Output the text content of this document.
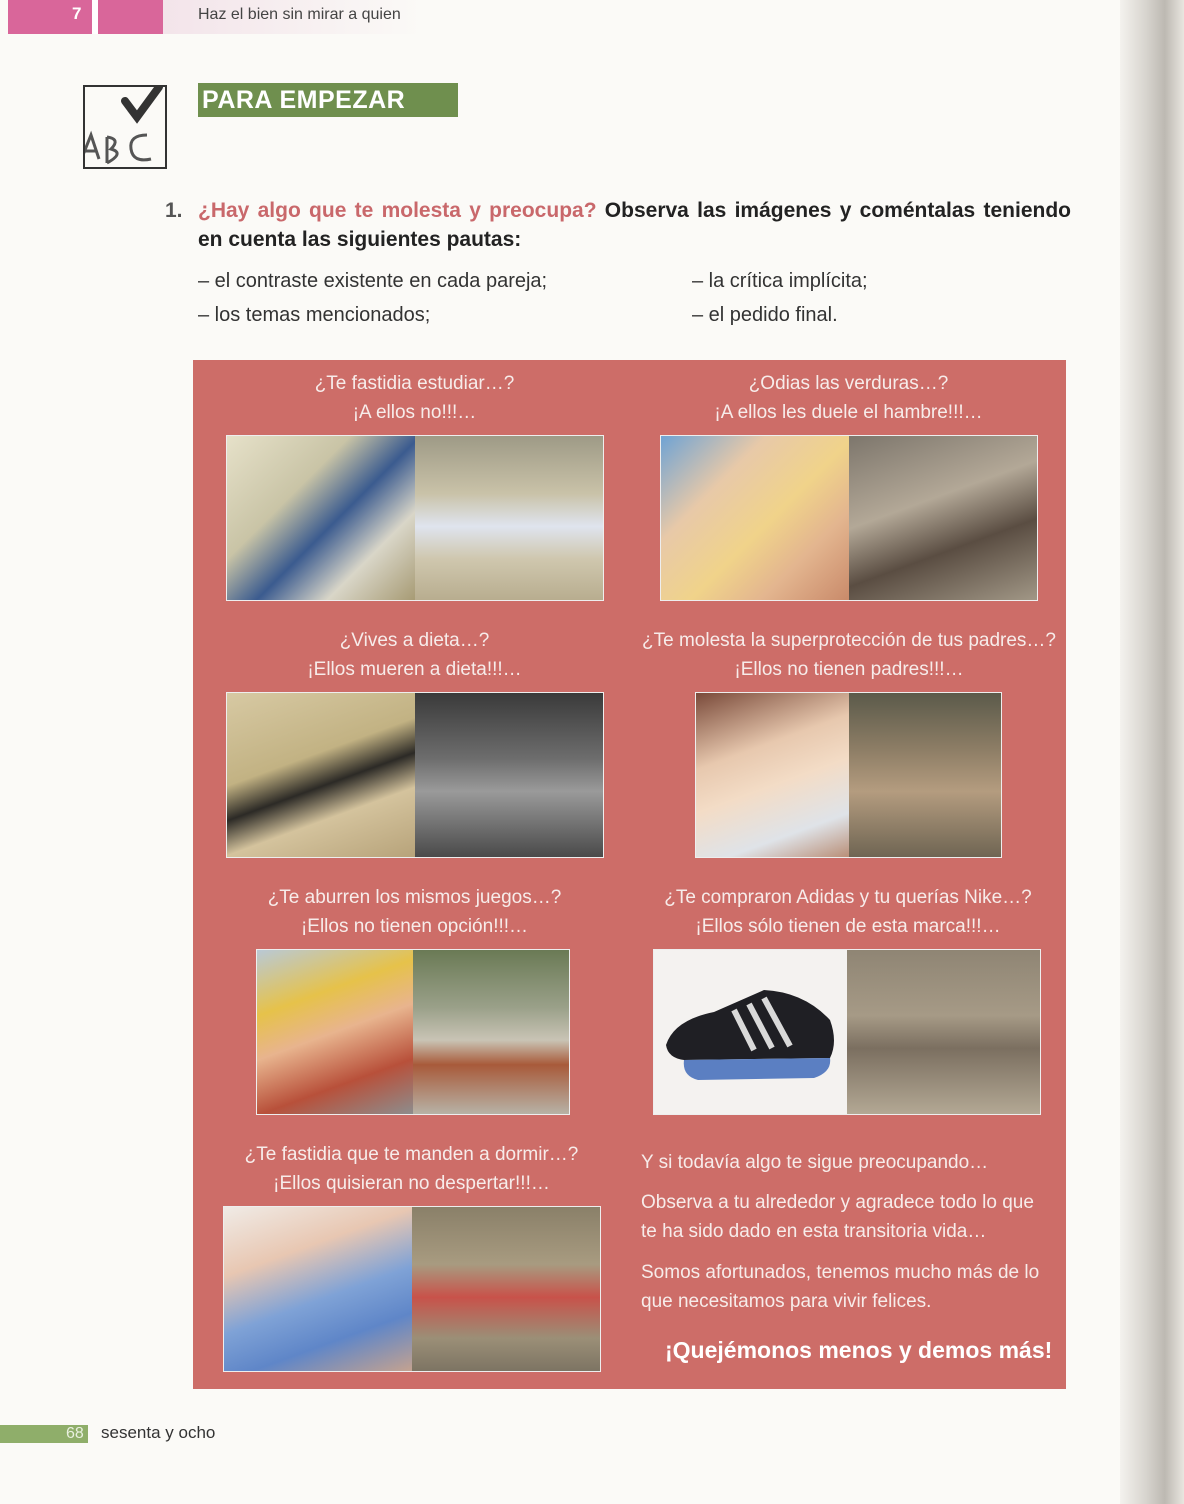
7	Haz el bien sin mirar a quien
PARA EMPEZAR
1. ¿Hay algo que te molesta y preocupa? Observa las imágenes y coméntalas teniendo en cuenta las siguientes pautas:
– el contraste existente en cada pareja;
– los temas mencionados;
– la crítica implícita;
– el pedido final.
¿Te fastidia estudiar…?
¡A ellos no!!!…
¿Odias las verduras…?
¡A ellos les duele el hambre!!!…
¿Vives a dieta…?
¡Ellos mueren a dieta!!!…
¿Te molesta la superprotección de tus padres…?
¡Ellos no tienen padres!!!…
¿Te aburren los mismos juegos…?
¡Ellos no tienen opción!!!…
¿Te compraron Adidas y tu querías Nike…?
¡Ellos sólo tienen de esta marca!!!…
¿Te fastidia que te manden a dormir…?
¡Ellos quisieran no despertar!!!…
Y si todavía algo te sigue preocupando…
Observa a tu alrededor y agradece todo lo que te ha sido dado en esta transitoria vida…
Somos afortunados, tenemos mucho más de lo que necesitamos para vivir felices.
¡Quejémonos menos y demos más!
68 sesenta y ocho
